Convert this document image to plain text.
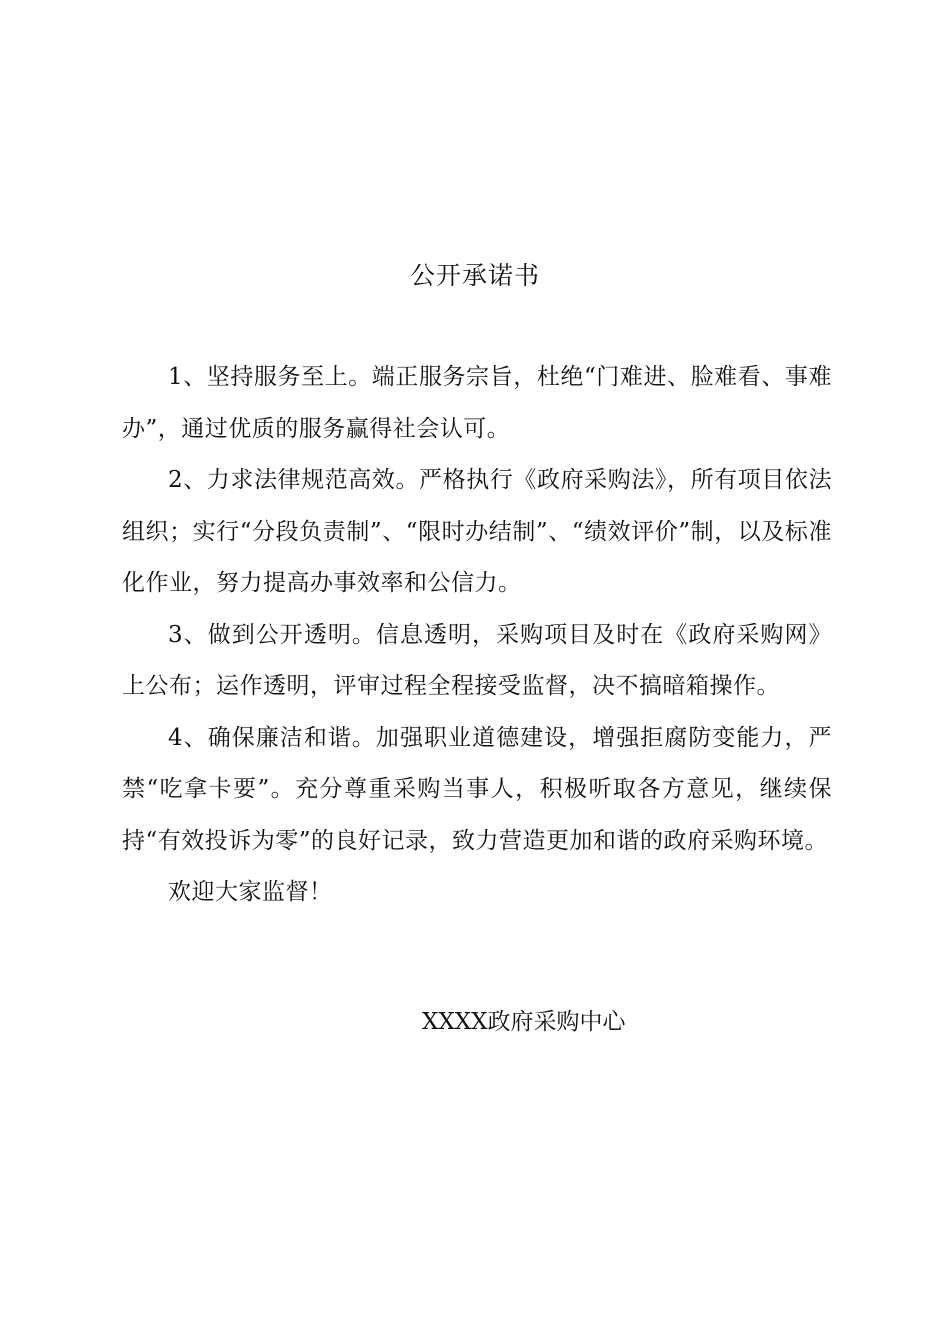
公开承诺书

1、坚持服务至上。端正服务宗旨，杜绝“门难进、脸难看、事难办”，通过优质的服务赢得社会认可。

2、力求法律规范高效。严格执行《政府采购法》，所有项目依法组织；实行“分段负责制”、“限时办结制”、“绩效评价”制，以及标准化作业，努力提高办事效率和公信力。

3、做到公开透明。信息透明，采购项目及时在《政府采购网》上公布；运作透明，评审过程全程接受监督，决不搞暗箱操作。

4、确保廉洁和谐。加强职业道德建设，增强拒腐防变能力，严禁“吃拿卡要”。充分尊重采购当事人，积极听取各方意见，继续保持“有效投诉为零”的良好记录，致力营造更加和谐的政府采购环境。

欢迎大家监督！

XXXX政府采购中心
